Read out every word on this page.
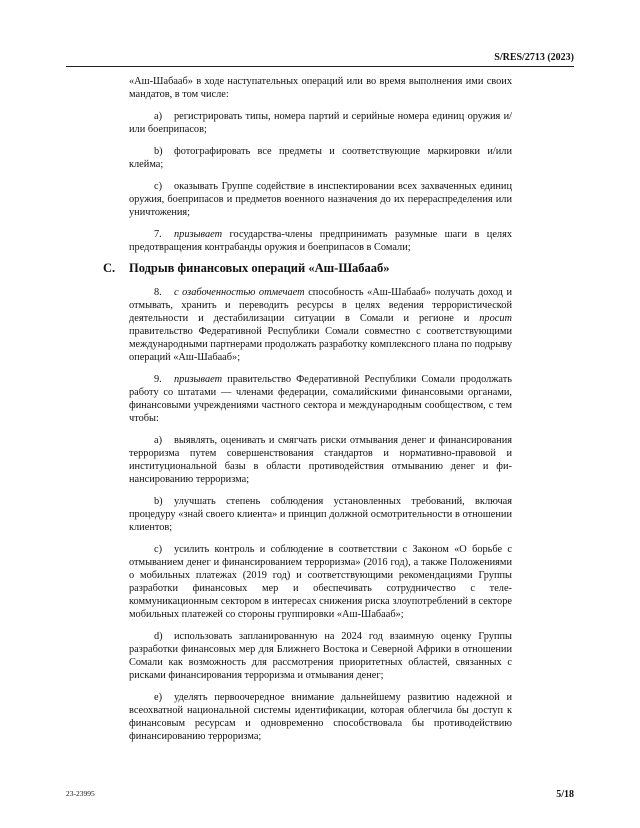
S/RES/2713 (2023)

«Аш-Шабааб» в ходе наступательных операций или во время выполнения ими своих мандатов, в том числе:

a) регистрировать типы, номера партий и серийные номера единиц оружия и/или боеприпасов;

b) фотографировать все предметы и соответствующие маркировки и/или клейма;

c) оказывать Группе содействие в инспектировании всех захваченных единиц оружия, боеприпасов и предметов военного назначения до их перераспределения или уничтожения;

7. призывает государства-члены предпринимать разумные шаги в целях предотвращения контрабанды оружия и боеприпасов в Сомали;

C. Подрыв финансовых операций «Аш-Шабааб»

8. с озабоченностью отмечает способность «Аш-Шабааб» получать доход и отмывать, хранить и переводить ресурсы в целях ведения террористической деятельности и дестабилизации ситуации в Сомали и регионе и просит правительство Федеративной Республики Сомали совместно с соответствующими международными партнерами продолжать разработку комплексного плана по подрыву операций «Аш-Шабааб»;

9. призывает правительство Федеративной Республики Сомали продолжать работу со штатами — членами федерации, сомалийскими финансовыми органами, финансовыми учреждениями частного сектора и международным сообществом, с тем чтобы:

a) выявлять, оценивать и смягчать риски отмывания денег и финансирования терроризма путем совершенствования стандартов и нормативно-правовой и институциональной базы в области противодействия отмыванию денег и финансированию терроризма;

b) улучшать степень соблюдения установленных требований, включая процедуру «знай своего клиента» и принцип должной осмотрительности в отношении клиентов;

c) усилить контроль и соблюдение в соответствии с Законом «О борьбе с отмыванием денег и финансированием терроризма» (2016 год), а также Положениями о мобильных платежах (2019 год) и соответствующими рекомендациями Группы разработки финансовых мер и обеспечивать сотрудничество с телекоммуникационным сектором в интересах снижения риска злоупотреблений в секторе мобильных платежей со стороны группировки «Аш-Шабааб»;

d) использовать запланированную на 2024 год взаимную оценку Группы разработки финансовых мер для Ближнего Востока и Северной Африки в отношении Сомали как возможность для рассмотрения приоритетных областей, связанных с рисками финансирования терроризма и отмывания денег;

e) уделять первоочередное внимание дальнейшему развитию надежной и всеохватной национальной системы идентификации, которая облегчила бы доступ к финансовым ресурсам и одновременно способствовала бы противодействию финансированию терроризма;

23-23995	5/18
